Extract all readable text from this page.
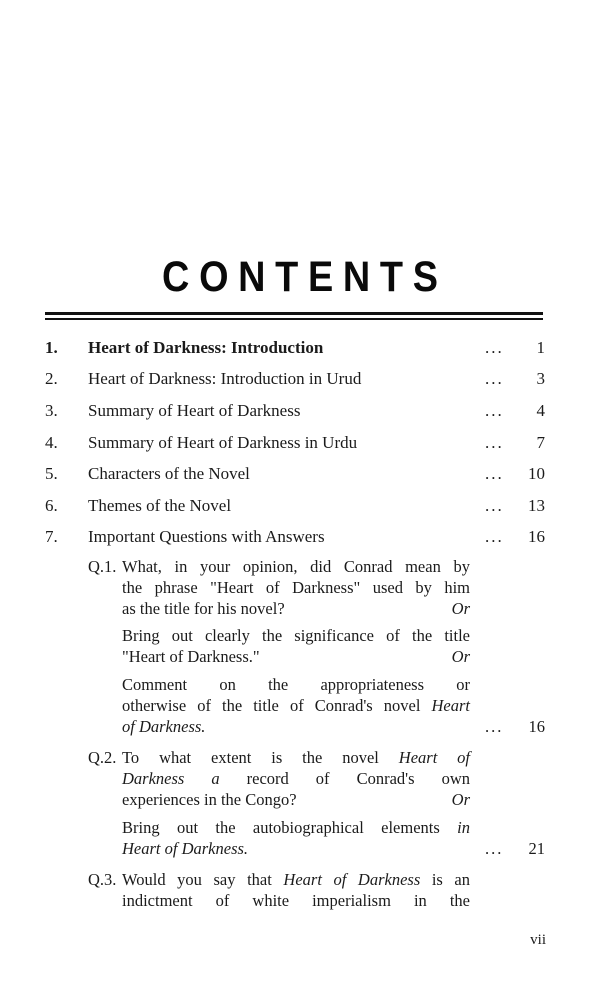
CONTENTS
1.	Heart of Darkness: Introduction	...	1
2.	Heart of Darkness: Introduction in Urud	...	3
3.	Summary of Heart of Darkness	...	4
4.	Summary of Heart of Darkness in Urdu	...	7
5.	Characters of the Novel	...	10
6.	Themes of the Novel	...	13
7.	Important Questions with Answers	...	16
Q.1. What, in your opinion, did Conrad mean by
the phrase "Heart of Darkness" used by him
as the title for his novel?	Or
Bring out clearly the significance of the title
"Heart of Darkness."	Or
Comment on the appropriateness or
otherwise of the title of Conrad's novel Heart
of Darkness.	... 16
Q.2. To what extent is the novel Heart of
Darkness a record of Conrad's own
experiences in the Congo?	Or
Bring out the autobiographical elements in
Heart of Darkness.	... 21
Q.3. Would you say that Heart of Darkness is an
indictment of white imperialism in the
vii
